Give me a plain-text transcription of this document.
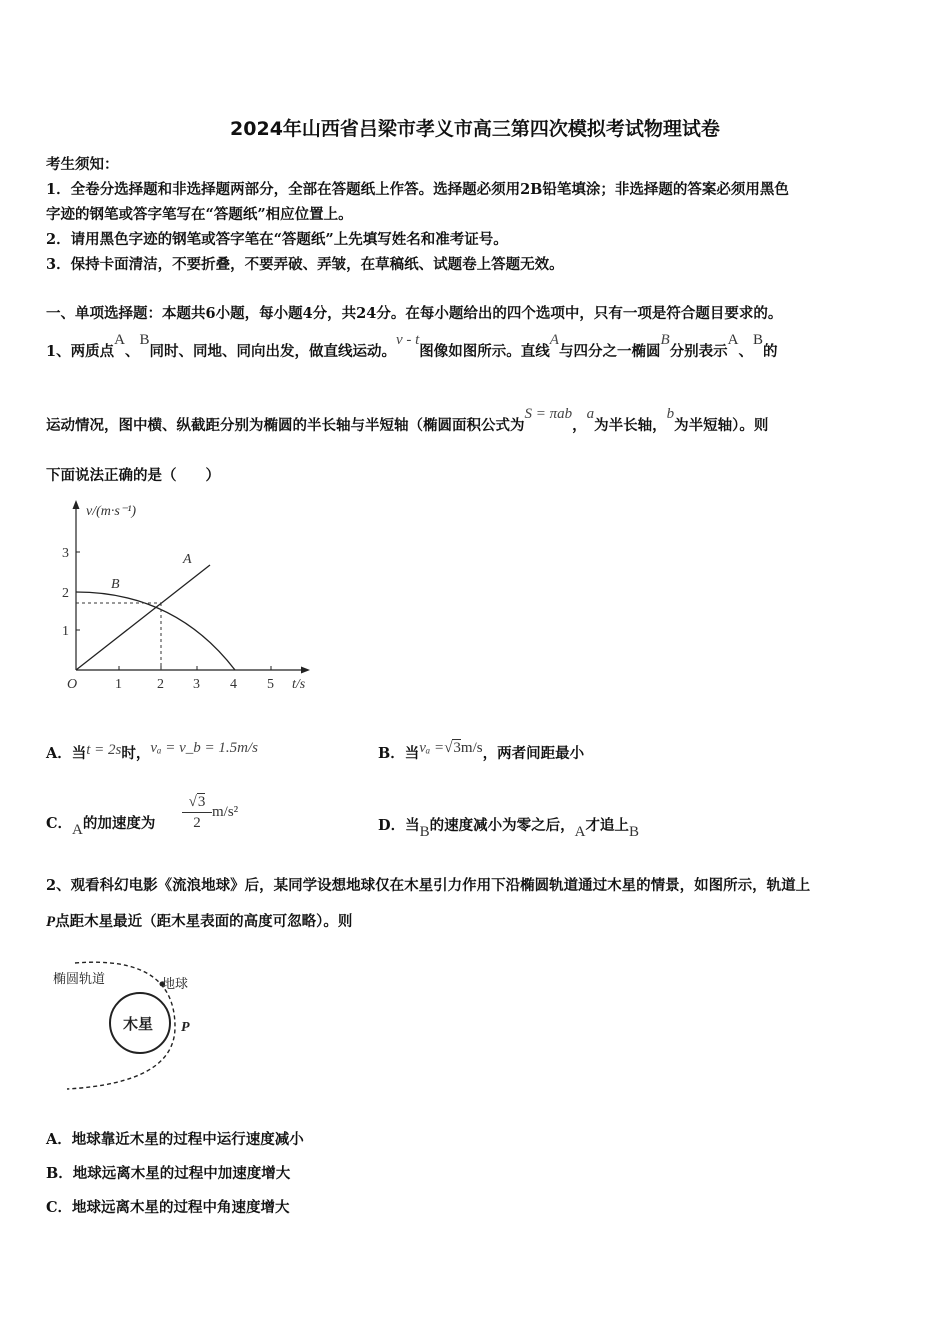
2024年山西省吕梁市孝义市高三第四次模拟考试物理试卷
考生须知：
1．全卷分选择题和非选择题两部分，全部在答题纸上作答。选择题必须用2B铅笔填涂；非选择题的答案必须用黑色
字迹的钢笔或答字笔写在“答题纸”相应位置上。
2．请用黑色字迹的钢笔或答字笔在“答题纸”上先填写姓名和准考证号。
3．保持卡面清洁，不要折叠，不要弄破、弄皱，在草稿纸、试题卷上答题无效。
一、单项选择题：本题共6小题，每小题4分，共24分。在每小题给出的四个选项中，只有一项是符合题目要求的。
1、两质点A、B同时、同地、同向出发，做直线运动。v - t图像如图所示。直线A与四分之一椭圆B分别表示A、B的
运动情况，图中横、纵截距分别为椭圆的半长轴与半短轴（椭圆面积公式为S = πab，a为半长轴，b为半短轴）。则
下面说法正确的是（　　）
v/(m·s⁻¹)
t/s
O	1	2 3 4 5
1
2
3	A
B
A．当t = 2s时，vₐ = v_b = 1.5m/s	B．当vₐ =√3m/s，两者间距最小
C．A的加速度为 $\frac{√3}{2} m/s^2$
D．当B的速度减小为零之后，A才追上B
2、观看科幻电影《流浪地球》后，某同学设想地球仅在木星引力作用下沿椭圆轨道通过木星的情景，如图所示，轨道上
P点距木星最近（距木星表面的高度可忽略）。则
木星
椭圆轨道	地球
P
A．地球靠近木星的过程中运行速度减小
B．地球远离木星的过程中加速度增大
C．地球远离木星的过程中角速度增大
